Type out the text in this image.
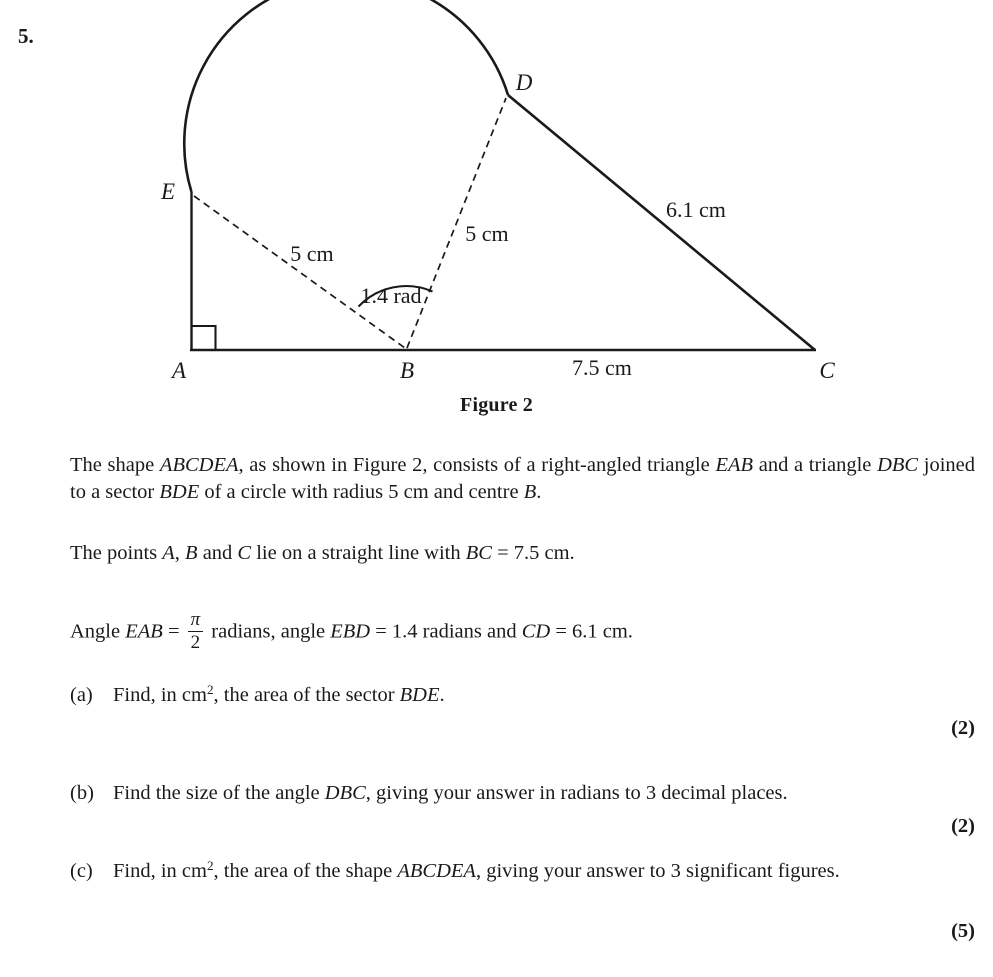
5.
E
A	B	C
D
5 cm
5 cm
1.4 rad
6.1 cm
7.5 cm
Figure 2
The shape ABCDEA, as shown in Figure 2, consists of a right-angled triangle EAB and a triangle DBC joined to a sector BDE of a circle with radius 5 cm and centre B.
The points A, B and C lie on a straight line with BC = 7.5 cm.
Angle EAB = $\frac{\pi}{2}$ radians, angle EBD = 1.4 radians and CD = 6.1 cm.
(a) Find, in $cm^2$, the area of the sector BDE.
(2)
(b) Find the size of the angle DBC, giving your answer in radians to 3 decimal places.
(2)
(c) Find, in $cm^2$, the area of the shape ABCDEA, giving your answer to 3 significant figures.
(5)
